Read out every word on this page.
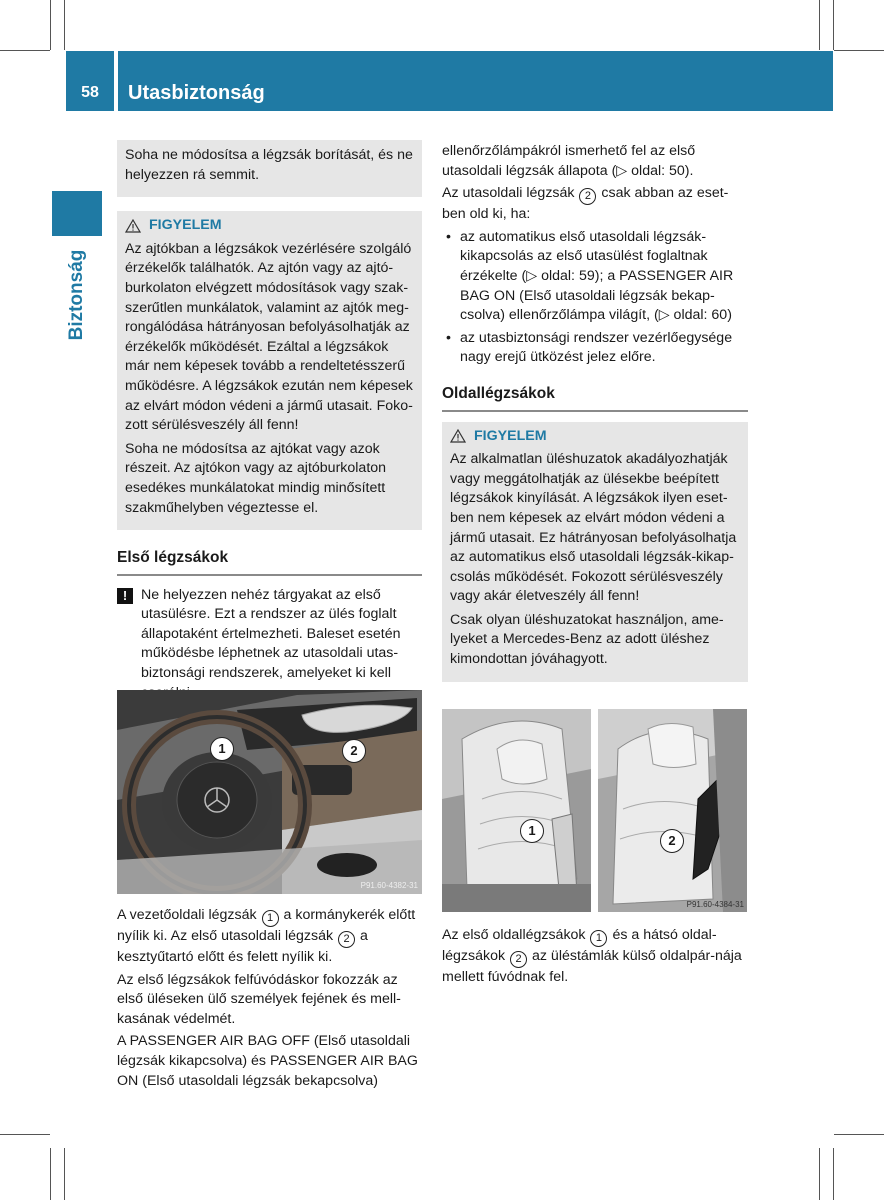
58	Utasbiztonság
Biztonság

Soha ne módosítsa a légzsák borítását, és ne helyezzen rá semmit.

FIGYELEM

Az ajtókban a légzsákok vezérlésére szolgáló érzékelők találhatók. Az ajtón vagy az ajtó-burkolaton elvégzett módosítások vagy szak-szerűtlen munkálatok, valamint az ajtók meg-rongálódása hátrányosan befolyásolhatják az érzékelők működését. Ezáltal a légzsákok már nem képesek tovább a rendeltetésszerű működésre. A légzsákok ezután nem képesek az elvárt módon védeni a jármű utasait. Foko-zott sérülésveszély áll fenn!

Soha ne módosítsa az ajtókat vagy azok részeit. Az ajtókon vagy az ajtóburkolaton esedékes munkálatokat mindig minősített szakműhelyben végeztesse el.

Első légzsákok
! Ne helyezzen nehéz tárgyakat az első utasülésre. Ezt a rendszer az ülés foglalt állapotaként értelmezheti. Baleset esetén működésbe léphetnek az utasoldali utas-biztonsági rendszerek, amelyeket ki kell
1	2
P91.60-4382-31

A vezetőoldali légzsák 1 a kormánykerék előtt nyílik ki. Az első utasoldali légzsák 2 a kesztyűtartó előtt és felett nyílik ki.

Az első légzsákok felfúvódáskor fokozzák az első üléseken ülő személyek fejének és mell-kasának védelmét.

A PASSENGER AIR BAG OFF (Első utasoldali légzsák kikapcsolva) és PASSENGER AIR BAG ON (Első utasoldali légzsák bekapcsolva)

ellenőrzőlámpákról ismerhető fel az első utasoldali légzsák állapota (▷ oldal: 50).

Az utasoldali légzsák 2 csak abban az eset-ben old ki, ha:

• az automatikus első utasoldali légzsák-kikapcsolás az első utasülést foglaltnak érzékelte (▷ oldal: 59); a PASSENGER AIR BAG ON (Első utasoldali légzsák bekap-csolva) ellenőrzőlámpa világít, (▷ oldal: 60)
• az utasbiztonsági rendszer vezérlőegysége nagy erejű ütközést jelez előre.
Oldallégzsákok
FIGYELEM

Az alkalmatlan üléshuzatok akadályozhatják vagy meggátolhatják az ülésekbe beépített légzsákok kinyílását. A légzsákok ilyen eset-ben nem képesek az elvárt módon védeni a jármű utasait. Ez hátrányosan befolyásolhatja az automatikus első utasoldali légzsák-kikap-csolás működését. Fokozott sérülésveszély vagy akár életveszély áll fenn!

Csak olyan üléshuzatokat használjon, ame-lyeket a Mercedes-Benz az adott üléshez kimondottan jóváhagyott.

1
2
P91.60-4384-31

Az első oldallégzsákok 1 és a hátsó oldal-légzsákok 2 az üléstámlák külső oldalpár-nája mellett fúvódnak fel.
